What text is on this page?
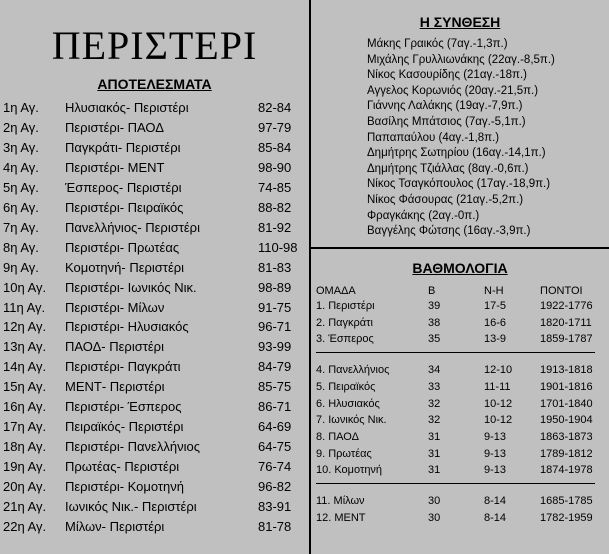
ΠΕΡΙΣΤΕΡΙ
ΑΠΟΤΕΛΕΣΜΑΤΑ
1η Αγ. Ηλυσιακός- Περιστέρι	82-84
2η Αγ. Περιστέρι- ΠΑΟΔ	97-79
3η Αγ. Παγκράτι- Περιστέρι	85-84
4η Αγ. Περιστέρι- ΜΕΝΤ	98-90
5η Αγ. Έσπερος- Περιστέρι	74-85
6η Αγ. Περιστέρι- Πειραϊκός	88-82
7η Αγ. Πανελλήνιος- Περιστέρι	81-92
8η Αγ. Περιστέρι- Πρωτέας	110-98
9η Αγ. Κομοτηνή- Περιστέρι	81-83
10η Αγ. Περιστέρι- Ιωνικός Νικ.	98-89
11η Αγ. Περιστέρι- Μίλων	91-75
12η Αγ. Περιστέρι- Ηλυσιακός	96-71
13η Αγ. ΠΑΟΔ- Περιστέρι	93-99
14η Αγ. Περιστέρι- Παγκράτι	84-79
15η Αγ. ΜΕΝΤ- Περιστέρι	85-75
16η Αγ. Περιστέρι- Έσπερος	86-71
17η Αγ. Πειραϊκός- Περιστέρι	64-69
18η Αγ. Περιστέρι- Πανελλήνιος	64-75
19η Αγ. Πρωτέας- Περιστέρι	76-74
20η Αγ. Περιστέρι- Κομοτηνή	96-82
21η Αγ. Ιωνικός Νικ.- Περιστέρι	83-91
22η Αγ. Μίλων- Περιστέρι	81-78
Η ΣΥΝΘΕΣΗ
Μάκης Γραικός (7αγ.-1,3π.)
Μιχάλης Γρυλλιωνάκης (22αγ.-8,5π.)
Νίκος Κασουρίδης (21αγ.-18π.)
Αγγελος Κορωνιός (20αγ.-21,5π.)
Γιάννης Λαλάκης (19αγ.-7,9π.)
Βασίλης Μπάτσιος (7αγ.-5,1π.)
Παπαπαύλου (4αγ.-1,8π.)
Δημήτρης Σωτηρίου (16αγ.-14,1π.)
Δημήτρης Τζιάλλας (8αγ.-0,6π.)
Νίκος Τσαγκόπουλος (17αγ.-18,9π.)
Νίκος Φάσουρας (21αγ.-5,2π.)
Φραγκάκης (2αγ.-0π.)
Βαγγέλης Φώτσης (16αγ.-3,9π.)
ΒΑΘΜΟΛΟΓΙΑ
ΟΜΑΔΑ	Β	Ν-Η	ΠΟΝΤΟΙ
1. Περιστέρι	39	17-5	1922-1776
2. Παγκράτι	38	16-6	1820-1711
3. Έσπερος	35	13-9	1859-1787
4. Πανελλήνιος	34	12-10	1913-1818
5. Πειραϊκός	33	11-11	1901-1816
6. Ηλυσιακός	32	10-12	1701-1840
7. Ιωνικός Νικ.	32	10-12	1950-1904
8. ΠΑΟΔ	31	9-13	1863-1873
9. Πρωτέας	31	9-13	1789-1812
10. Κομοτηνή	31	9-13	1874-1978
11. Μίλων	30	8-14	1685-1785
12. ΜΕΝΤ	30	8-14	1782-1959
